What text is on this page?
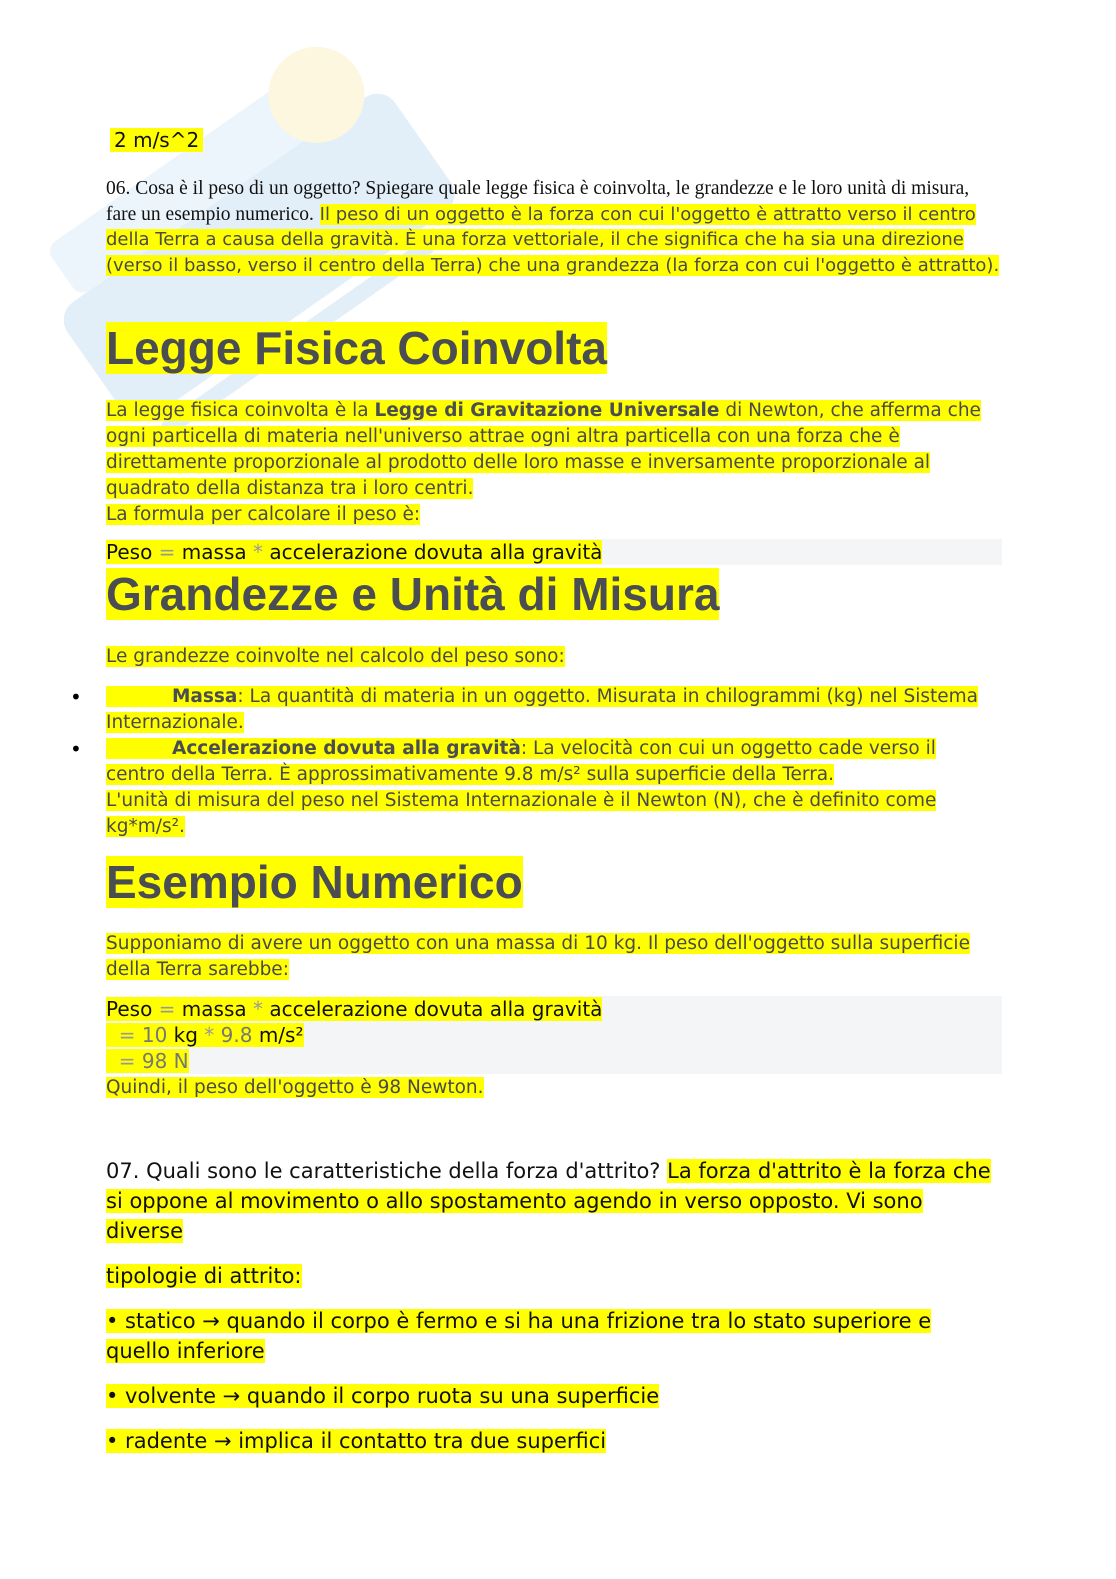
2 m/s^2
06. Cosa è il peso di un oggetto? Spiegare quale legge fisica è coinvolta, le grandezze e le loro unità di misura, fare un esempio numerico. Il peso di un oggetto è la forza con cui l'oggetto è attratto verso il centro della Terra a causa della gravità. È una forza vettoriale, il che significa che ha sia una direzione (verso il basso, verso il centro della Terra) che una grandezza (la forza con cui l'oggetto è attratto).
Legge Fisica Coinvolta
La legge fisica coinvolta è la Legge di Gravitazione Universale di Newton, che afferma che ogni particella di materia nell'universo attrae ogni altra particella con una forza che è direttamente proporzionale al prodotto delle loro masse e inversamente proporzionale al quadrato della distanza tra i loro centri.
La formula per calcolare il peso è:
Peso = massa * accelerazione dovuta alla gravità
Grandezze e Unità di Misura
Le grandezze coinvolte nel calcolo del peso sono:
•	Massa: La quantità di materia in un oggetto. Misurata in chilogrammi (kg) nel Sistema Internazionale.
•	Accelerazione dovuta alla gravità: La velocità con cui un oggetto cade verso il centro della Terra. È approssimativamente 9.8 m/s² sulla superficie della Terra.
L'unità di misura del peso nel Sistema Internazionale è il Newton (N), che è definito come kg*m/s².
Esempio Numerico
Supponiamo di avere un oggetto con una massa di 10 kg. Il peso dell'oggetto sulla superficie della Terra sarebbe:
Peso = massa * accelerazione dovuta alla gravità
= 10 kg * 9.8 m/s²
= 98 N
Quindi, il peso dell'oggetto è 98 Newton.
07. Quali sono le caratteristiche della forza d'attrito? La forza d'attrito è la forza che si oppone al movimento o allo spostamento agendo in verso opposto. Vi sono diverse
tipologie di attrito:
• statico → quando il corpo è fermo e si ha una frizione tra lo stato superiore e quello inferiore
• volvente → quando il corpo ruota su una superficie
• radente → implica il contatto tra due superfici
